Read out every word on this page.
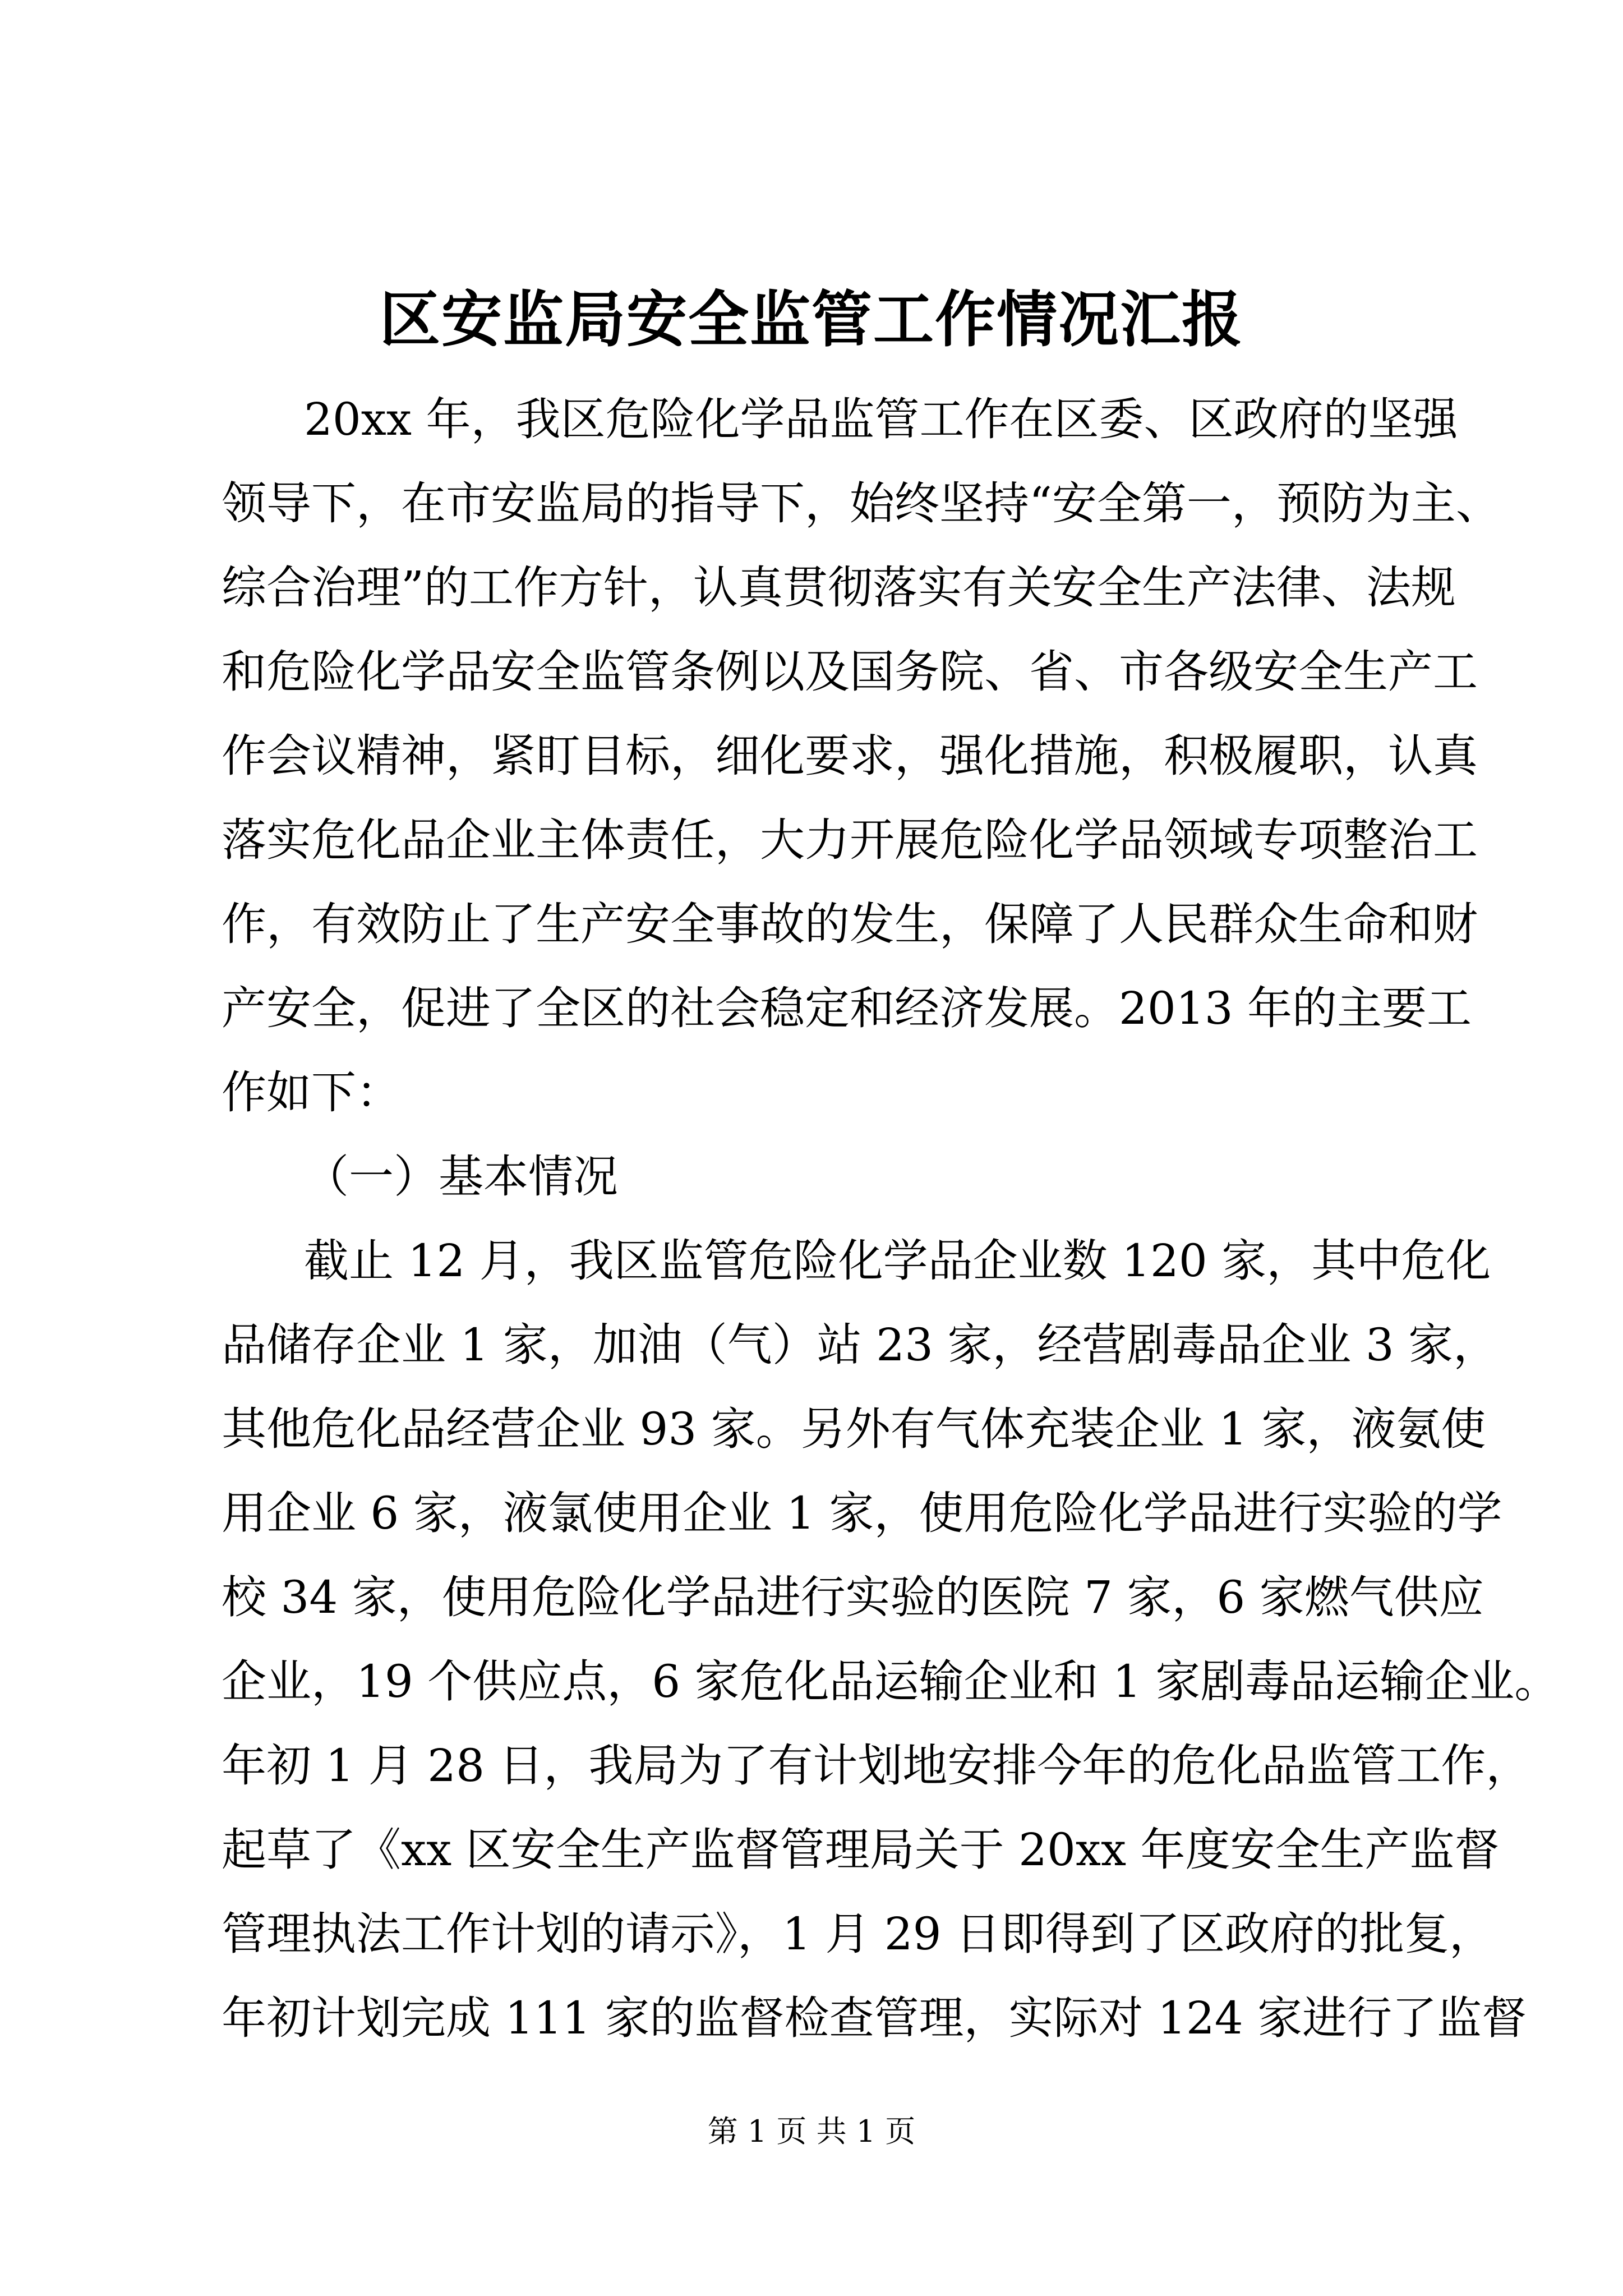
区安监局安全监管工作情况汇报
20xx 年，我区危险化学品监管工作在区委、区政府的坚强
领导下，在市安监局的指导下，始终坚持“安全第一，预防为主、
综合治理”的工作方针，认真贯彻落实有关安全生产法律、法规
和危险化学品安全监管条例以及国务院、省、市各级安全生产工
作会议精神，紧盯目标，细化要求，强化措施，积极履职，认真
落实危化品企业主体责任，大力开展危险化学品领域专项整治工
作，有效防止了生产安全事故的发生，保障了人民群众生命和财
产安全，促进了全区的社会稳定和经济发展。2013 年的主要工
作如下：
（一）基本情况
截止 12 月，我区监管危险化学品企业数 120 家，其中危化
品储存企业 1 家，加油（气）站 23 家，经营剧毒品企业 3 家，
其他危化品经营企业 93 家。另外有气体充装企业 1 家，液氨使
用企业 6 家，液氯使用企业 1 家，使用危险化学品进行实验的学
校 34 家，使用危险化学品进行实验的医院 7 家，6 家燃气供应
企业，19 个供应点，6 家危化品运输企业和 1 家剧毒品运输企业。
年初 1 月 28 日，我局为了有计划地安排今年的危化品监管工作，
起草了《xx 区安全生产监督管理局关于 20xx 年度安全生产监督
管理执法工作计划的请示》，1 月 29 日即得到了区政府的批复，
年初计划完成 111 家的监督检查管理，实际对 124 家进行了监督
第 1 页 共 1 页
